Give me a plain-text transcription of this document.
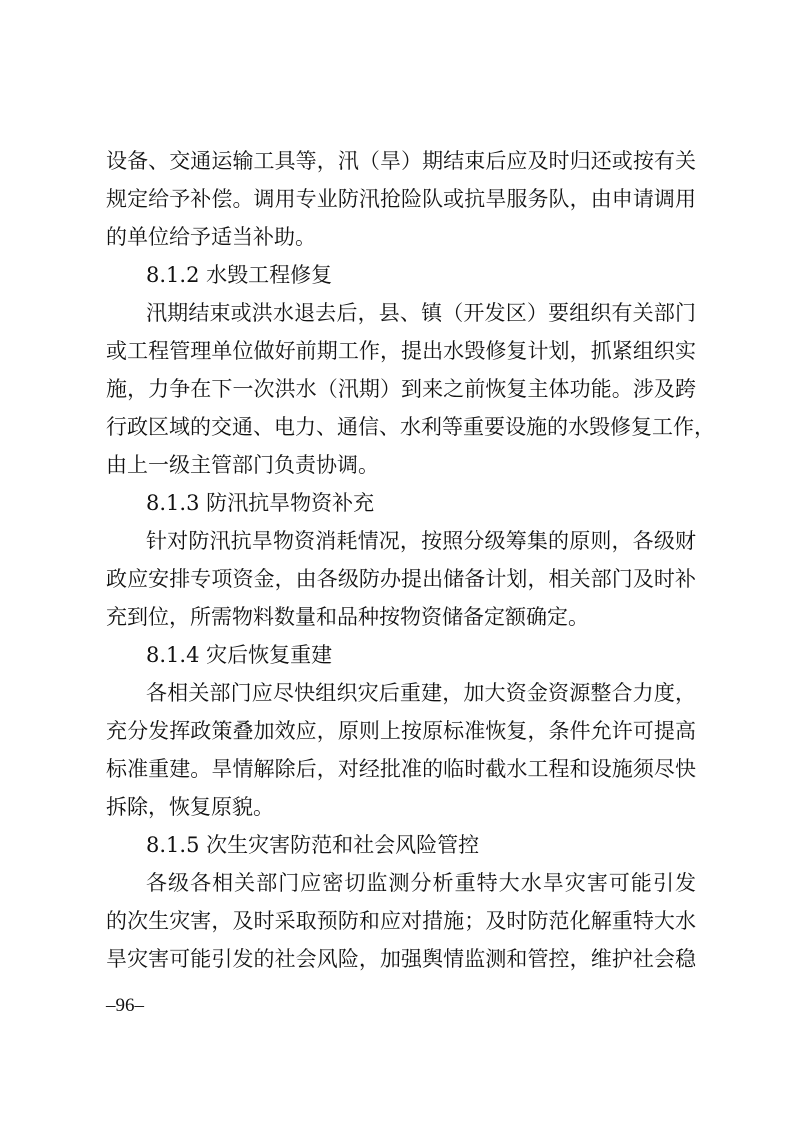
设备、交通运输工具等，汛（旱）期结束后应及时归还或按有关
规定给予补偿。调用专业防汛抢险队或抗旱服务队，由申请调用
的单位给予适当补助。
8.1.2 水毁工程修复
汛期结束或洪水退去后，县、镇（开发区）要组织有关部门
或工程管理单位做好前期工作，提出水毁修复计划，抓紧组织实
施，力争在下一次洪水（汛期）到来之前恢复主体功能。涉及跨
行政区域的交通、电力、通信、水利等重要设施的水毁修复工作，
由上一级主管部门负责协调。
8.1.3 防汛抗旱物资补充
针对防汛抗旱物资消耗情况，按照分级筹集的原则，各级财
政应安排专项资金，由各级防办提出储备计划，相关部门及时补
充到位，所需物料数量和品种按物资储备定额确定。
8.1.4 灾后恢复重建
各相关部门应尽快组织灾后重建，加大资金资源整合力度，
充分发挥政策叠加效应，原则上按原标准恢复，条件允许可提高
标准重建。旱情解除后，对经批准的临时截水工程和设施须尽快
拆除，恢复原貌。
8.1.5 次生灾害防范和社会风险管控
各级各相关部门应密切监测分析重特大水旱灾害可能引发
的次生灾害，及时采取预防和应对措施；及时防范化解重特大水
旱灾害可能引发的社会风险，加强舆情监测和管控，维护社会稳
–96–
